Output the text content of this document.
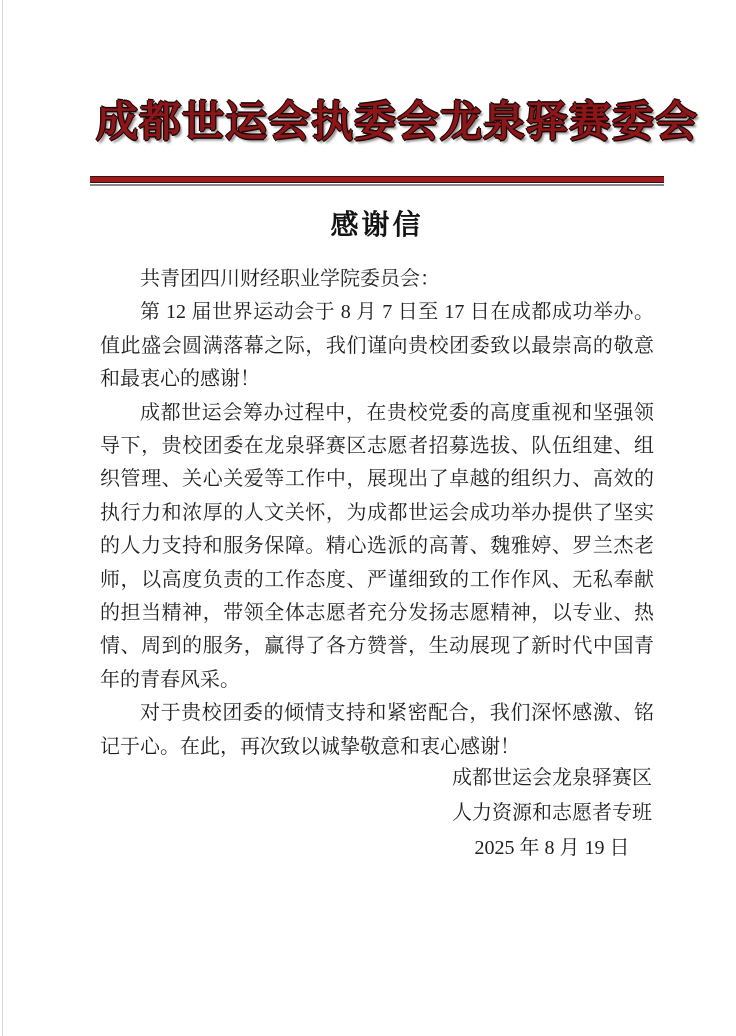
成都世运会执委会龙泉驿赛委会
感谢信

共青团四川财经职业学院委员会：

第 12 届世界运动会于 8 月 7 日至 17 日在成都成功举办。值此盛会圆满落幕之际，我们谨向贵校团委致以最崇高的敬意和最衷心的感谢！

成都世运会筹办过程中，在贵校党委的高度重视和坚强领导下，贵校团委在龙泉驿赛区志愿者招募选拔、队伍组建、组织管理、关心关爱等工作中，展现出了卓越的组织力、高效的执行力和浓厚的人文关怀，为成都世运会成功举办提供了坚实的人力支持和服务保障。精心选派的高菁、魏雅婷、罗兰杰老师，以高度负责的工作态度、严谨细致的工作作风、无私奉献的担当精神，带领全体志愿者充分发扬志愿精神，以专业、热情、周到的服务，赢得了各方赞誉，生动展现了新时代中国青年的青春风采。

对于贵校团委的倾情支持和紧密配合，我们深怀感激、铭记于心。在此，再次致以诚挚敬意和衷心感谢！

成都世运会龙泉驿赛区
人力资源和志愿者专班
2025 年 8 月 19 日
